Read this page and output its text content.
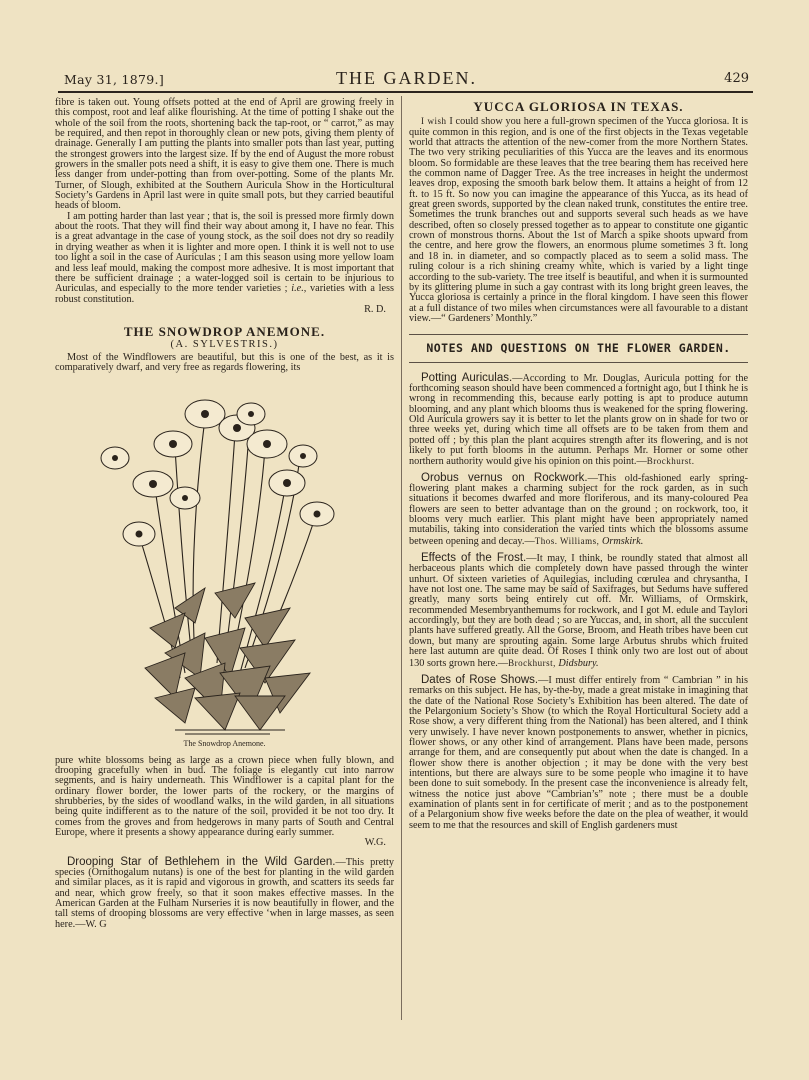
May 31, 1879.]	THE GARDEN.	429

fibre is taken out. Young offsets potted at the end of April are growing freely in this compost, root and leaf alike flourishing. At the time of potting I shake out the whole of the soil from the roots, shortening back the tap-root, or “ carrot,” as may be required, and then repot in thoroughly clean or new pots, giving them plenty of drainage. Generally I am putting the plants into smaller pots than last year, putting the strongest growers into the largest size. If by the end of August the more robust growers in the smaller pots need a shift, it is easy to give them one. There is much less danger from under-potting than from over-potting. Some of the plants Mr. Turner, of Slough, exhibited at the Southern Auricula Show in the Horticultural Society’s Gardens in April last were in quite small pots, but they carried beautiful heads of bloom.

I am potting harder than last year ; that is, the soil is pressed more firmly down about the roots. That they will find their way about among it, I have no fear. This is a great advantage in the case of young stock, as the soil does not dry so readily in drying weather as when it is lighter and more open. I think it is well not to use too light a soil in the case of Auriculas ; I am this season using more yellow loam and less leaf mould, making the compost more adhesive. It is most important that there be sufficient drainage ; a water-logged soil is certain to be injurious to Auriculas, and especially to the more tender varieties ; i.e., varieties with a less robust constitution.

R. D.
THE SNOWDROP ANEMONE.
(A. SYLVESTRIS.)

Most of the Windflowers are beautiful, but this is one of the best, as it is comparatively dwarf, and very free as regards flowering, its

The Snowdrop Anemone.

pure white blossoms being as large as a crown piece when fully blown, and drooping gracefully when in bud. The foliage is elegantly cut into narrow segments, and is hairy underneath. This Windflower is a capital plant for the ordinary flower border, the lower parts of the rockery, or the margins of shrubberies, by the sides of woodland walks, in the wild garden, in all situations being quite indifferent as to the nature of the soil, provided it be not too dry. It comes from the groves and from hedgerows in many parts of South and Central Europe, where it presents a showy appearance during early summer.

W.G.

Drooping Star of Bethlehem in the Wild Garden.—This pretty species (Ornithogalum nutans) is one of the best for planting in the wild garden and similar places, as it is rapid and vigorous in growth, and scatters its seeds far and near, which grow freely, so that it soon makes effective masses. In the American Garden at the Fulham Nurseries it is now beautifully in flower, and the tall stems of drooping blossoms are very effective ‘when in large masses, as seen here.—W. G

YUCCA GLORIOSA IN TEXAS.

I wish I could show you here a full-grown specimen of the Yucca gloriosa. It is quite common in this region, and is one of the first objects in the Texas vegetable world that attracts the attention of the new-comer from the more Northern States. The two very striking peculiarities of this Yucca are the leaves and its enormous bloom. So formidable are these leaves that the tree bearing them has received here the common name of Dagger Tree. As the tree increases in height the undermost leaves drop, exposing the smooth bark below them. It attains a height of from 12 ft. to 15 ft. So now you can imagine the appearance of this Yucca, as its head of great green swords, supported by the clean naked trunk, constitutes the entire tree. Sometimes the trunk branches out and supports several such heads as we have described, often so closely pressed together as to appear to constitute one gigantic crown of monstrous thorns. About the 1st of March a spike shoots upward from the centre, and here grow the flowers, an enormous plume sometimes 3 ft. long and 18 in. in diameter, and so compactly placed as to seem a solid mass. The ruling colour is a rich shining creamy white, which is varied by a light tinge according to the sub-variety. The tree itself is beautiful, and when it is surmounted by its glittering plume in such a gay contrast with its long bright green leaves, the Yucca gloriosa is certainly a prince in the floral kingdom. I have seen this flower at a full distance of two miles when circumstances were all favourable to a distant view.—“ Gardeners’ Monthly.”

NOTES AND QUESTIONS ON THE FLOWER GARDEN.

Potting Auriculas.—According to Mr. Douglas, Auricula potting for the forthcoming season should have been commenced a fortnight ago, but I think he is wrong in recommending this, because early potting is apt to produce autumn blooming, and any plant which blooms thus is weakened for the spring flowering. Old Auricula growers say it is better to let the plants grow on in shade for two or three weeks yet, during which time all offsets are to be taken from them and potted off ; by this plan the plant acquires strength after its flowering, and is not likely to put forth blooms in the autumn. Perhaps Mr. Horner or some other northern authority would give his opinion on this point.—Brockhurst.

Orobus vernus on Rockwork.—This old-fashioned early spring-flowering plant makes a charming subject for the rock garden, as in such situations it becomes dwarfed and more floriferous, and its many-coloured Pea flowers are seen to better advantage than on the ground ; on rockwork, too, it blooms very much earlier. This plant might have been appropriately named mutabilis, taking into consideration the varied tints which the blossoms assume between opening and decay.—Thos. Williams, Ormskirk.

Effects of the Frost.—It may, I think, be roundly stated that almost all herbaceous plants which die completely down have passed through the winter unhurt. Of sixteen varieties of Aquilegias, including cœrulea and chrysantha, I have not lost one. The same may be said of Saxifrages, but Sedums have suffered greatly, many sorts being entirely cut off. Mr. Williams, of Ormskirk, recommended Mesembryanthemums for rockwork, and I got M. edule and Taylori accordingly, but they are both dead ; so are Yuccas, and, in short, all the succulent plants have suffered greatly. All the Gorse, Broom, and Heath tribes have been cut down, but many are sprouting again. Some large Arbutus shrubs which fruited here last autumn are quite dead. Of Roses I think only two are lost out of about 130 sorts grown here.—Brockhurst, Didsbury.

Dates of Rose Shows.—I must differ entirely from “ Cambrian ” in his remarks on this subject. He has, by-the-by, made a great mistake in imagining that the date of the National Rose Society’s Exhibition has been altered. The date of the Pelargonium Society’s Show (to which the Royal Horticultural Society add a Rose show, a very different thing from the National) has been altered, and I think very unwisely. I have never known postponements to answer, whether in picnics, flower shows, or any other kind of arrangement. Plans have been made, persons arrange for them, and are consequently put about when the date is changed. In a flower show there is another objection ; it may be done with the very best intentions, but there are always sure to be some people who imagine it to have been done to suit somebody. In the present case the inconvenience is already felt, witness the notice just above “Cambrian’s” note ; there must be a double examination of plants sent in for certificate of merit ; and as to the postponement of a Pelargonium show five weeks before the date on the plea of weather, it would seem to me that the resources and skill of English gardeners must
